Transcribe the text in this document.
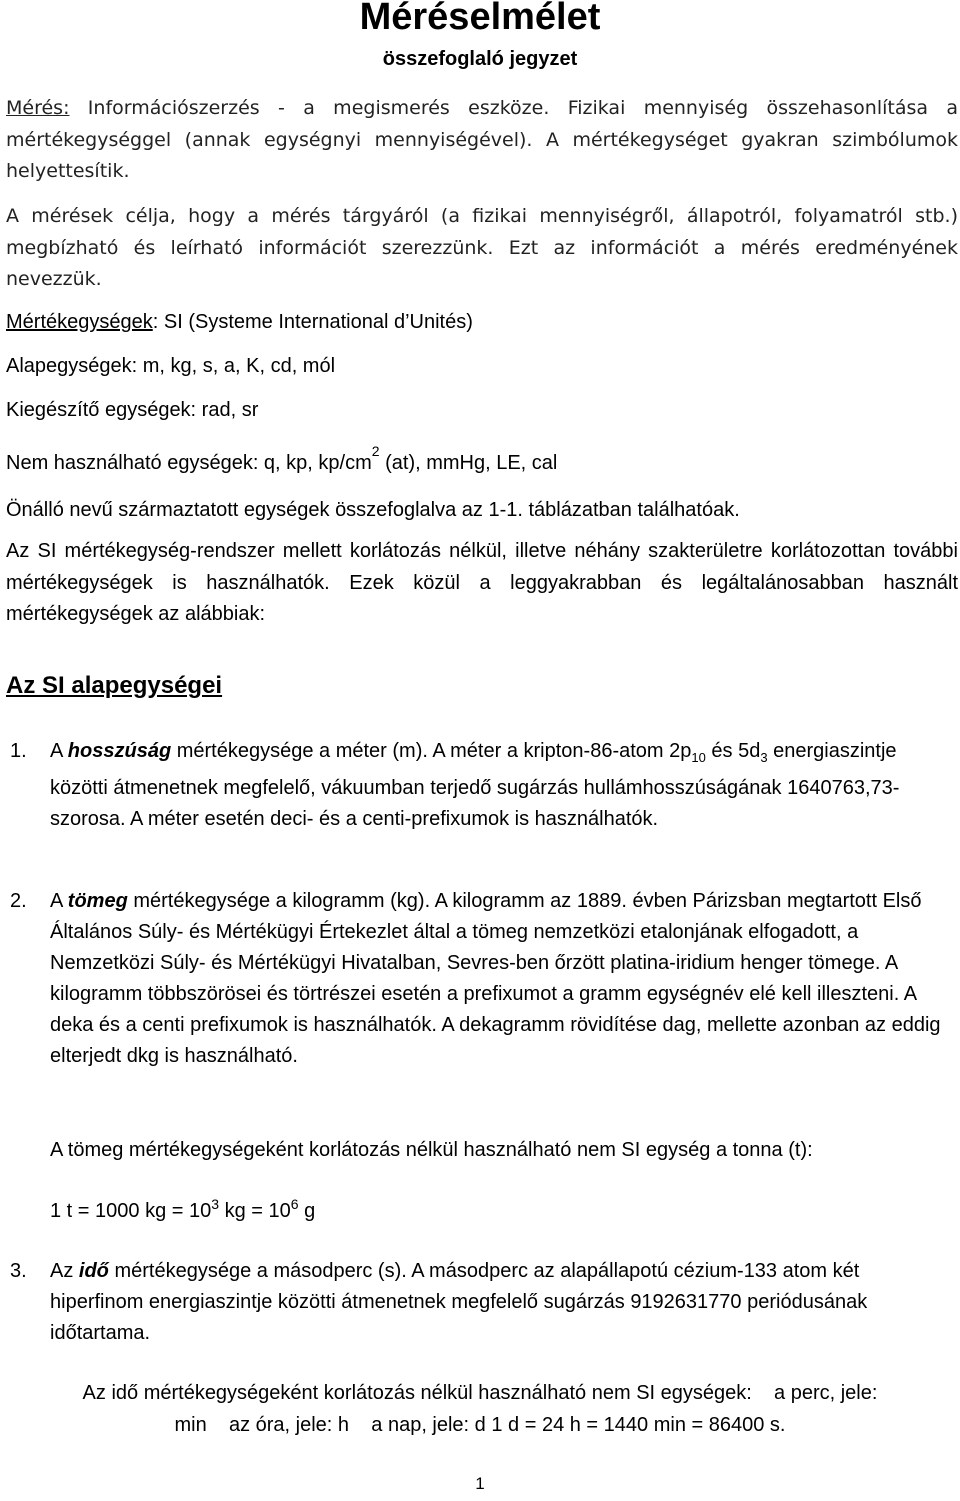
Méréselmélet
összefoglaló jegyzet

Mérés: Információszerzés - a megismerés eszköze. Fizikai mennyiség összehasonlítása a mértékegységgel (annak egységnyi mennyiségével). A mértékegységet gyakran szimbólumok helyettesítik.

A mérések célja, hogy a mérés tárgyáról (a fizikai mennyiségről, állapotról, folyamatról stb.) megbízható és leírható információt szerezzünk. Ezt az információt a mérés eredményének nevezzük.

Mértékegységek: SI (Systeme International d’Unités)

Alapegységek: m, kg, s, a, K, cd, mól

Kiegészítő egységek: rad, sr

Nem használható egységek: q, kp, $kp/cm^2$ (at), mmHg, LE, cal

Önálló nevű származtatott egységek összefoglalva az 1-1. táblázatban találhatóak.

Az SI mértékegység-rendszer mellett korlátozás nélkül, illetve néhány szakterületre korlátozottan további mértékegységek is használhatók. Ezek közül a leggyakrabban és legáltalánosabban használt mértékegységek az alábbiak:

Az SI alapegységei
1. A hosszúság mértékegysége a méter (m). A méter a kripton-86-atom $2p_{10}$ és $5d_3$ energiaszintje közötti átmenetnek megfelelő, vákuumban terjedő sugárzás hullámhosszúságának 1640763,73-szorosa. A méter esetén deci- és a centi-prefixumok is használhatók.
2. A tömeg mértékegysége a kilogramm (kg). A kilogramm az 1889. évben Párizsban megtartott Első Általános Súly- és Mértékügyi Értekezlet által a tömeg nemzetközi etalonjának elfogadott, a Nemzetközi Súly- és Mértékügyi Hivatalban, Sevres-ben őrzött platina-iridium henger tömege. A kilogramm többszörösei és törtrészei esetén a prefixumot a gramm egységnév elé kell illeszteni. A deka és a centi prefixumok is használhatók. A dekagramm rövidítése dag, mellette azonban az eddig elterjedt dkg is használható.

A tömeg mértékegységeként korlátozás nélkül használható nem SI egység a tonna (t):

1 t = 1000 kg = $10^3$ kg = $10^6$ g

3. Az idő mértékegysége a másodperc (s). A másodperc az alapállapotú cézium-133 atom két hiperfinom energiaszintje közötti átmenetnek megfelelő sugárzás 9192631770 periódusának időtartama.

Az idő mértékegységeként korlátozás nélkül használható nem SI egységek:    a perc, jele:

min    az óra, jele: h    a nap, jele: d 1 d = 24 h = 1440 min = 86400 s.

1
